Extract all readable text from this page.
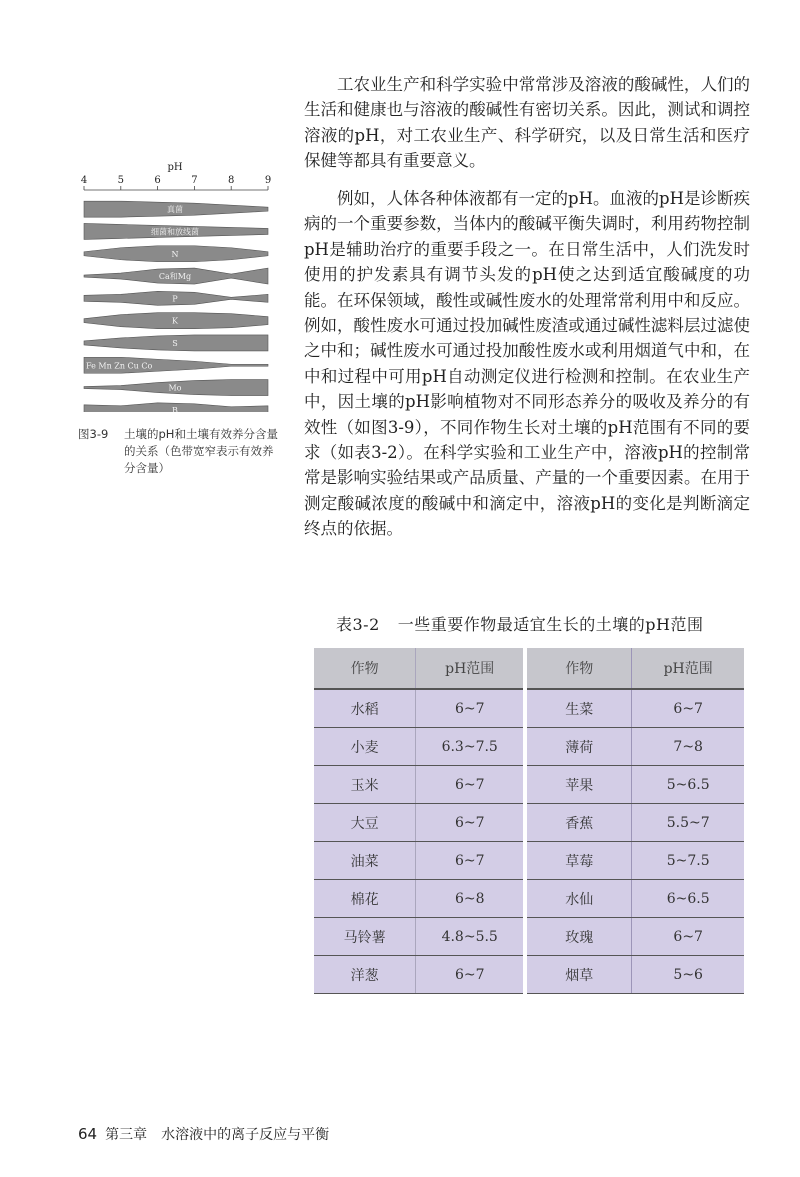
工农业生产和科学实验中常常涉及溶液的酸碱性，人们的生活和健康也与溶液的酸碱性有密切关系。因此，测试和调控溶液的pH，对工农业生产、科学研究，以及日常生活和医疗保健等都具有重要意义。

例如，人体各种体液都有一定的pH。血液的pH是诊断疾病的一个重要参数，当体内的酸碱平衡失调时，利用药物控制pH是辅助治疗的重要手段之一。在日常生活中，人们洗发时使用的护发素具有调节头发的pH使之达到适宜酸碱度的功能。在环保领域，酸性或碱性废水的处理常常利用中和反应。例如，酸性废水可通过投加碱性废渣或通过碱性滤料层过滤使之中和；碱性废水可通过投加酸性废水或利用烟道气中和，在中和过程中可用pH自动测定仪进行检测和控制。在农业生产中，因土壤的pH影响植物对不同形态养分的吸收及养分的有效性（如图3-9），不同作物生长对土壤的pH范围有不同的要求（如表3-2）。在科学实验和工业生产中，溶液pH的控制常常是影响实验结果或产品质量、产量的一个重要因素。在用于测定酸碱浓度的酸碱中和滴定中，溶液pH的变化是判断滴定终点的依据。

pH
4	5	6	7	8	9
真菌
细菌和放线菌
N
Ca和Mg
P
K
S
Fe Mn Zn Cu Co
Mo
B
图3-9 土壤的pH和土壤有效养分含量的关系（色带宽窄表示有效养分含量）
表3-2 一些重要作物最适宜生长的土壤的pH范围
作物	pH范围	作物	pH范围
水稻	6~7	生菜	6~7
小麦	6.3~7.5	薄荷	7~8
玉米	6~7	苹果	5~6.5
大豆	6~7	香蕉	5.5~7
油菜	6~7	草莓	5~7.5
棉花	6~8	水仙	6~6.5
马铃薯	4.8~5.5	玫瑰	6~7
洋葱	6~7	烟草	5~6
64 第三章 水溶液中的离子反应与平衡
